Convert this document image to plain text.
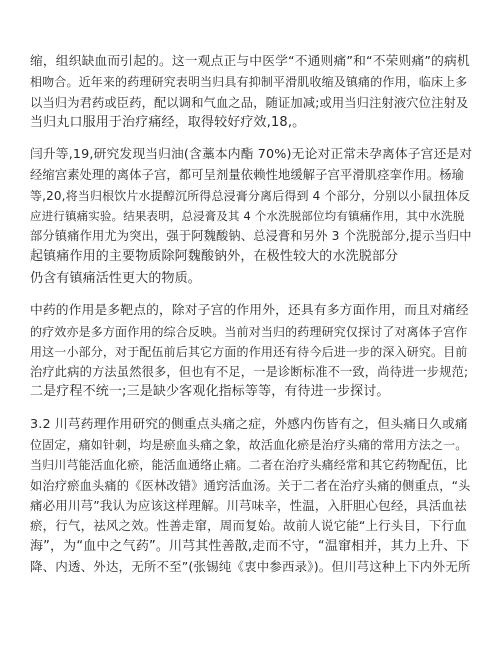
缩，组织缺血而引起的。这一观点正与中医学“不通则痛”和“不荣则痛”的病机
相吻合。近年来的药理研究表明当归具有抑制平滑肌收缩及镇痛的作用，临床上多
以当归为君药或臣药，配以调和气血之品，随证加减;或用当归注射液穴位注射及
当归丸口服用于治疗痛经，取得较好疗效,18,。

闫升等,19,研究发现当归油(含藁本内酯 70%)无论对正常未孕离体子宫还是对
经缩宫素处理的离体子宫，都可呈剂量依赖性地缓解子宫平滑肌痉挛作用。杨瑜
等,20,将当归根饮片水提醇沉所得总浸膏分离后得到 4 个部分，分别以小鼠扭体反
应进行镇痛实验。结果表明，总浸膏及其 4 个水洗脱部位均有镇痛作用，其中水洗脱
部分镇痛作用尤为突出，强于阿魏酸钠、总浸膏和另外 3 个洗脱部分,提示当归中
起镇痛作用的主要物质除阿魏酸钠外，在极性较大的水洗脱部分

仍含有镇痛活性更大的物质。

中药的作用是多靶点的，除对子宫的作用外，还具有多方面作用，而且对痛经
的疗效亦是多方面作用的综合反映。当前对当归的药理研究仅探讨了对离体子宫作
用这一小部分，对于配伍前后其它方面的作用还有待今后进一步的深入研究。目前
治疗此病的方法虽然很多，但也有不足，一是诊断标准不一致，尚待进一步规范;
二是疗程不统一;三是缺少客观化指标等等，有待进一步探讨。

3.2 川芎药理作用研究的侧重点头痛之症，外感内伤皆有之，但头痛日久或痛
位固定，痛如针刺，均是瘀血头痛之象，故活血化瘀是治疗头痛的常用方法之一。
当归川芎能活血化瘀，能活血通络止痛。二者在治疗头痛经常和其它药物配伍，比
如治疗瘀血头痛的《医林改错》通窍活血汤。关于二者在治疗头痛的侧重点，“头
痛必用川芎”我认为应该这样理解。川芎味辛，性温，入肝胆心包经，具活血祛
瘀，行气，祛风之效。性善走窜，周而复始。故前人说它能“上行头目，下行血
海”，为“血中之气药”。川芎其性善散,走而不守，“温窜相并，其力上升、下
降、内透、外达，无所不至”(张锡纯《衷中参西录》)。但川芎这种上下内外无所
